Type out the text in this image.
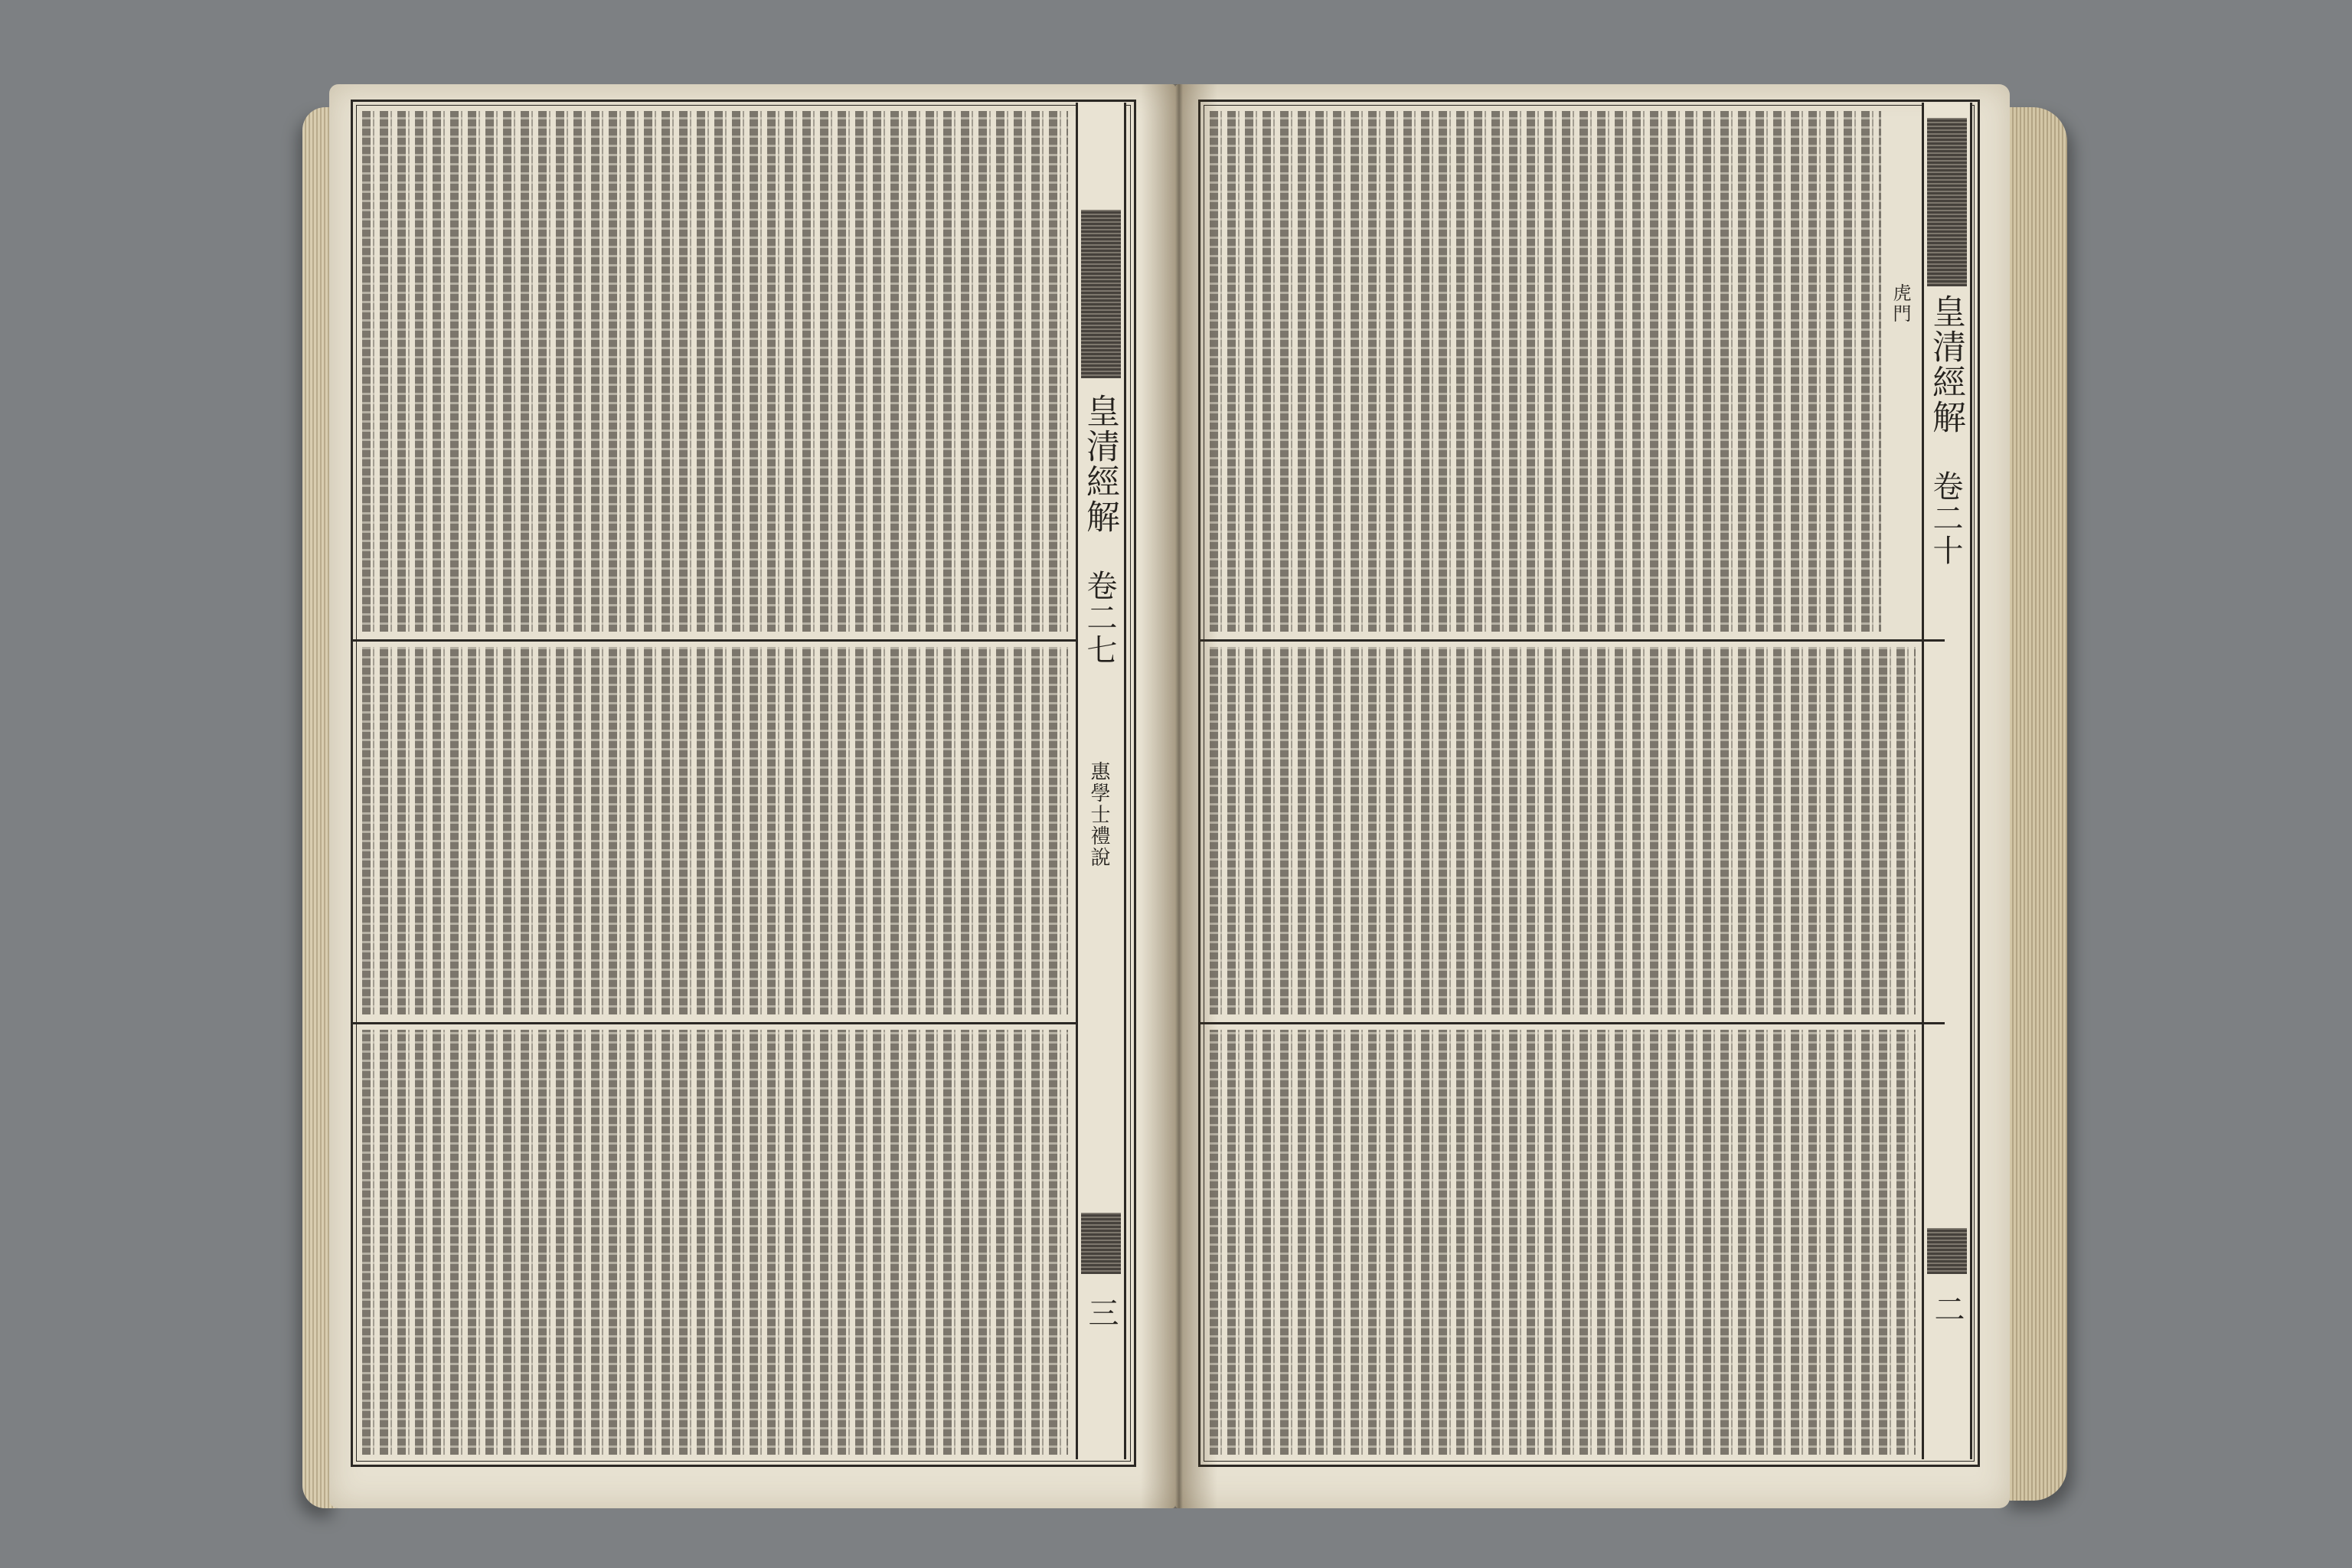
皇清經解
卷二七
惠學士禮說
三
皇清經解
卷二十
二
虎門
